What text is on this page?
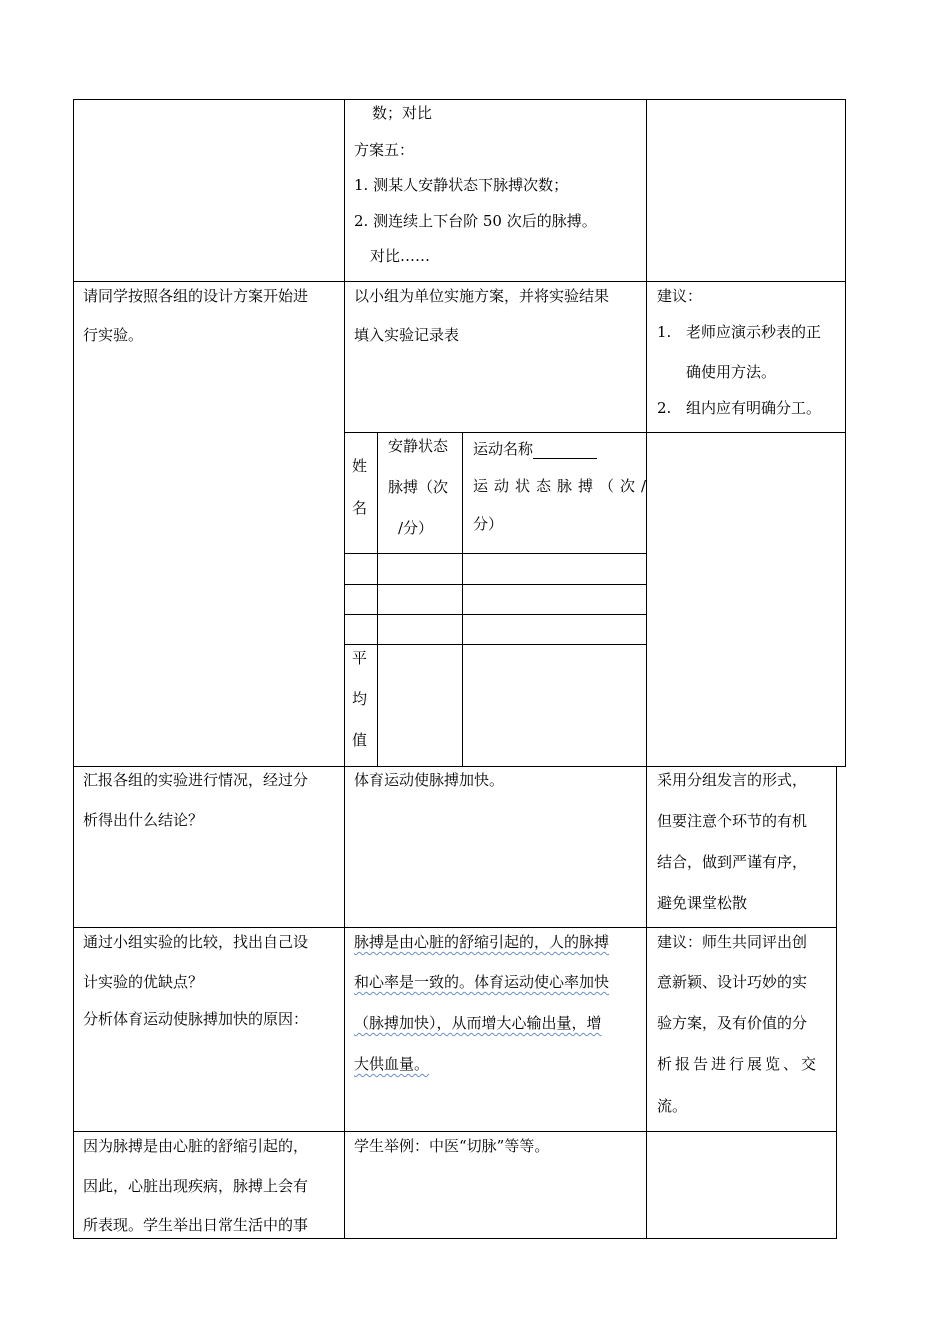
数；对比
方案五：
1. 测某人安静状态下脉搏次数；
2. 测连续上下台阶 50 次后的脉搏。
对比……
请同学按照各组的设计方案开始进
行实验。
以小组为单位实施方案，并将实验结果
填入实验记录表
建议：
1. 老师应演示秒表的正
确使用方法。
2. 组内应有明确分工。
姓
名
安静状态
脉搏（次
/分）
运动名称
运动状态脉搏（次/
分）
平
均
值
汇报各组的实验进行情况，经过分
析得出什么结论？
体育运动使脉搏加快。	采用分组发言的形式，
但要注意个环节的有机
结合，做到严谨有序，
避免课堂松散
通过小组实验的比较，找出自己设
计实验的优缺点？
分析体育运动使脉搏加快的原因：
脉搏是由心脏的舒缩引起的，人的脉搏
和心率是一致的。体育运动使心率加快
（脉搏加快），从而增大心输出量，增
大供血量。
建议：师生共同评出创
意新颖、设计巧妙的实
验方案，及有价值的分
析报告进行展览、交
流。
因为脉搏是由心脏的舒缩引起的，
因此，心脏出现疾病，脉搏上会有
所表现。学生举出日常生活中的事
学生举例：中医“切脉”等等。
